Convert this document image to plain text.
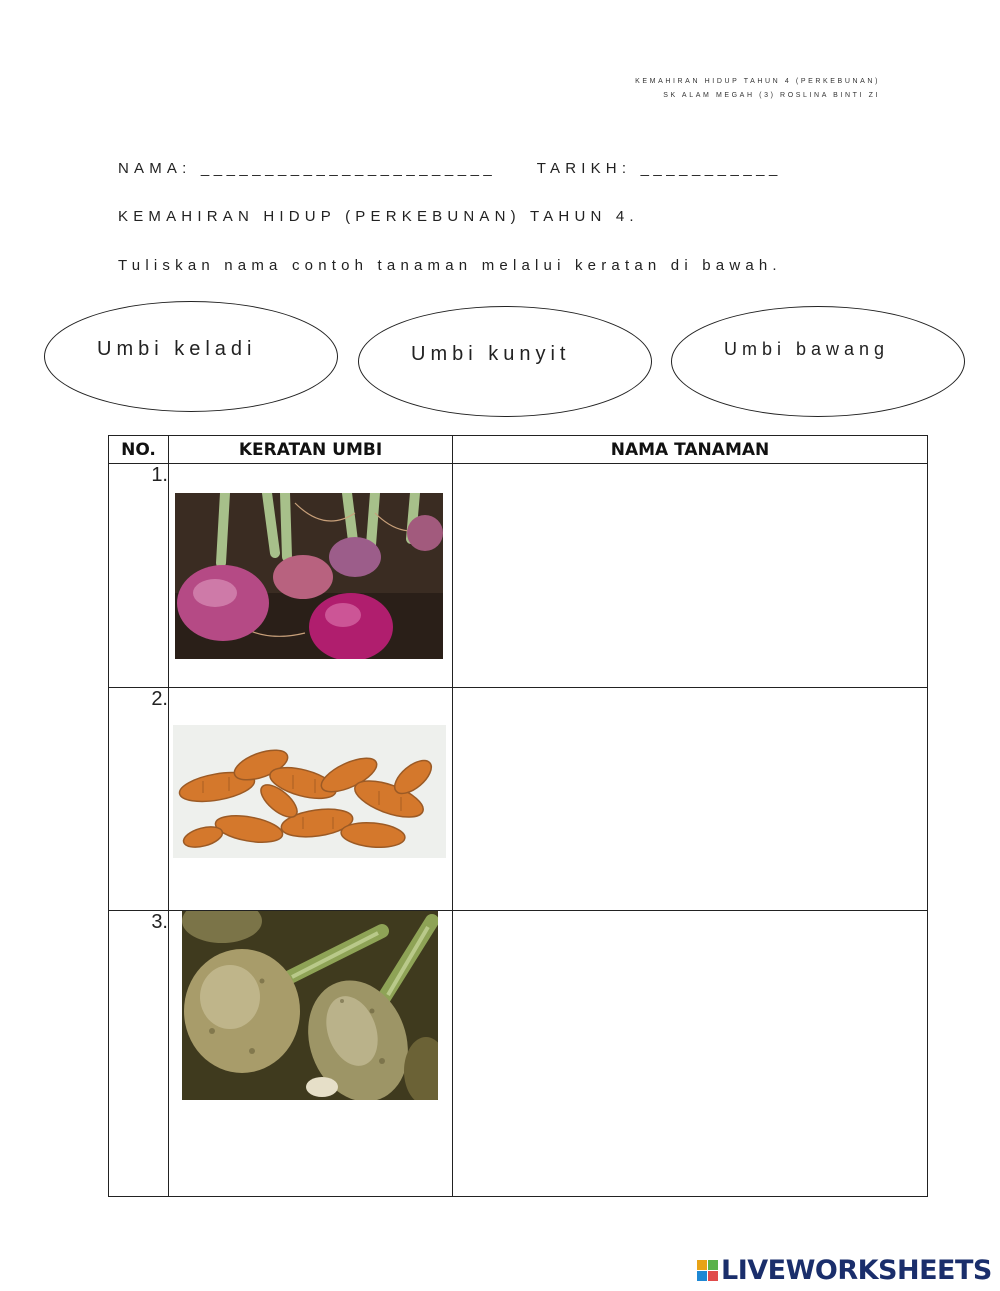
KEMAHIRAN HIDUP TAHUN 4 (PERKEBUNAN)
SK ALAM MEGAH (3) ROSLINA BINTI ZI
NAMA: _______________________	TARIKH: ___________
KEMAHIRAN HIDUP (PERKEBUNAN) TAHUN 4.
Tuliskan nama contoh tanaman melalui keratan di bawah.
Umbi keladi	Umbi kunyit	Umbi bawang
NO.	KERATAN UMBI	NAMA TANAMAN
1.	

2.	

3.	

LIVEWORKSHEETS
